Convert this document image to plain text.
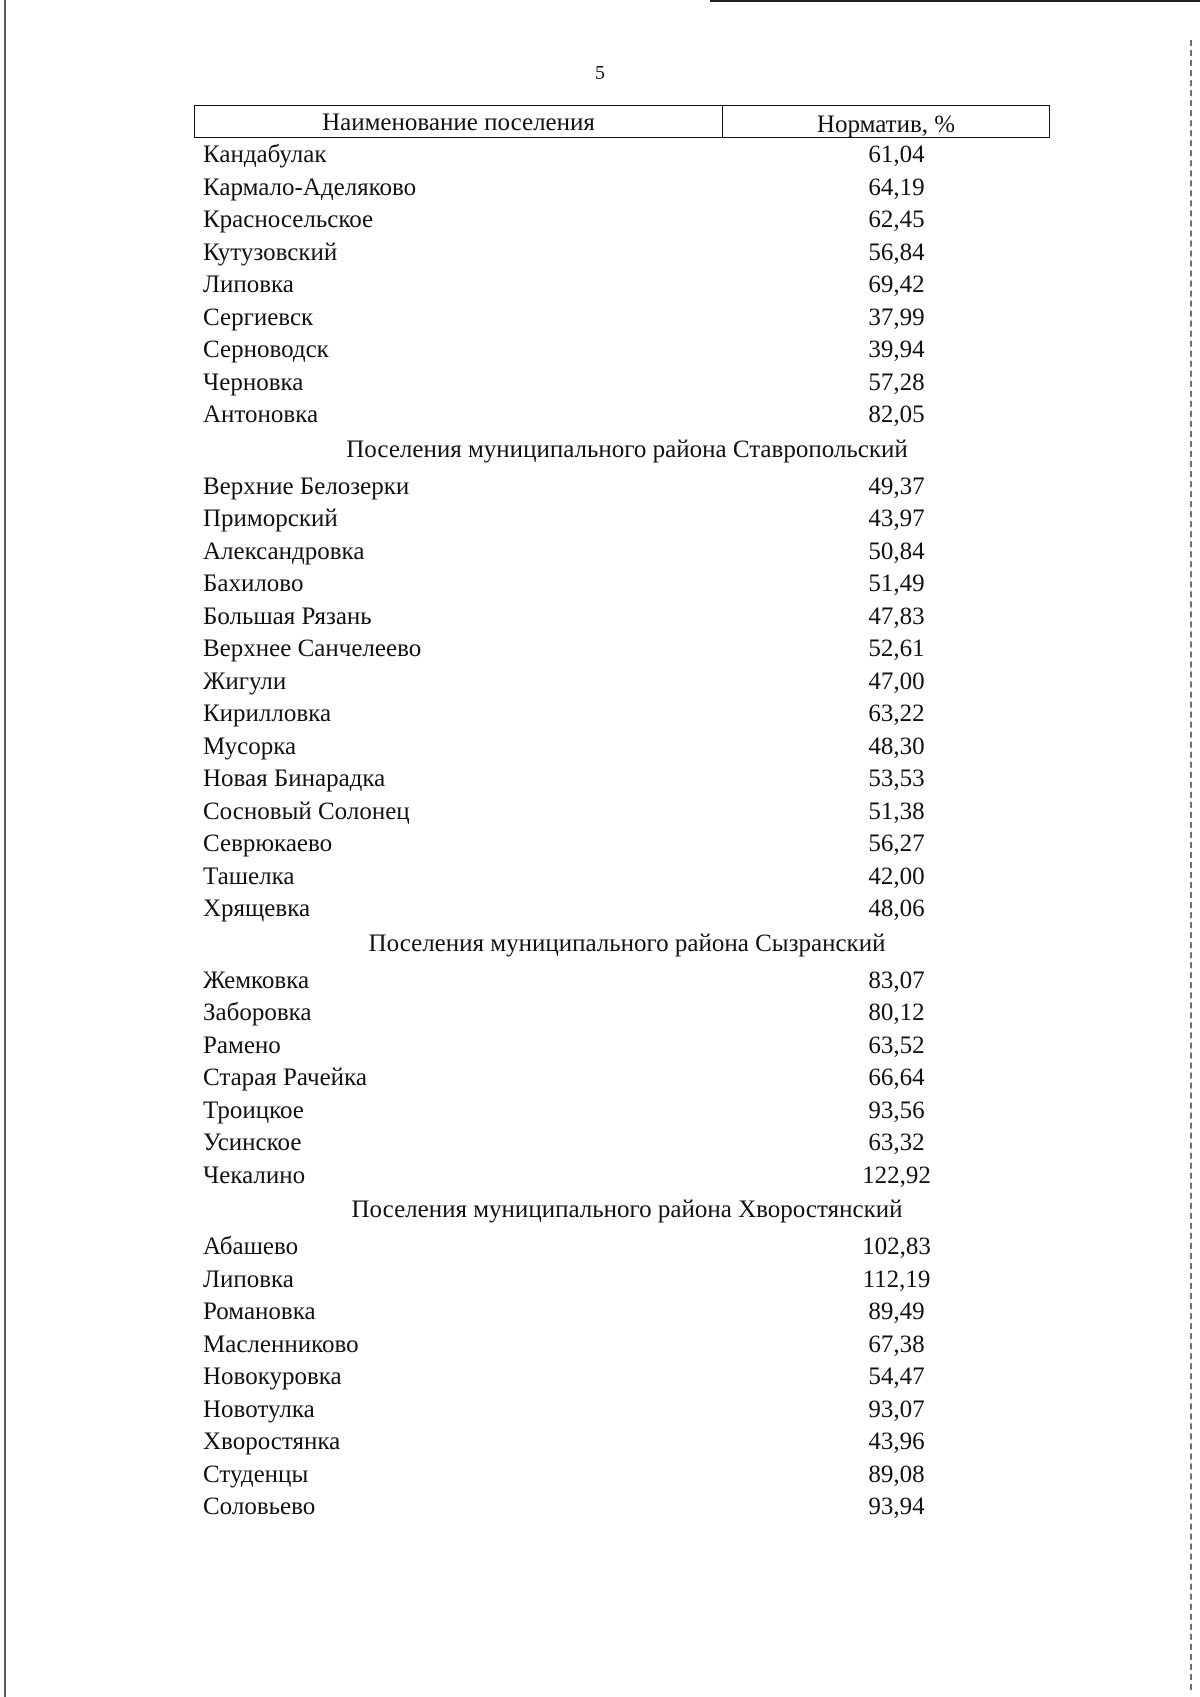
5
Наименование поселения	Норматив, %
Кандабулак	61,04
Кармало-Аделяково	64,19
Красносельское	62,45
Кутузовский	56,84
Липовка	69,42
Сергиевск	37,99
Серноводск	39,94
Черновка	57,28
Антоновка	82,05
Поселения муниципального района Ставропольский
Верхние Белозерки	49,37
Приморский	43,97
Александровка	50,84
Бахилово	51,49
Большая Рязань	47,83
Верхнее Санчелеево	52,61
Жигули	47,00
Кирилловка	63,22
Мусорка	48,30
Новая Бинарадка	53,53
Сосновый Солонец	51,38
Севрюкаево	56,27
Ташелка	42,00
Хрящевка	48,06
Поселения муниципального района Сызранский
Жемковка	83,07
Заборовка	80,12
Рамено	63,52
Старая Рачейка	66,64
Троицкое	93,56
Усинское	63,32
Чекалино	122,92
Поселения муниципального района Хворостянский
Абашево	102,83
Липовка	112,19
Романовка	89,49
Масленниково	67,38
Новокуровка	54,47
Новотулка	93,07
Хворостянка	43,96
Студенцы	89,08
Соловьево	93,94
